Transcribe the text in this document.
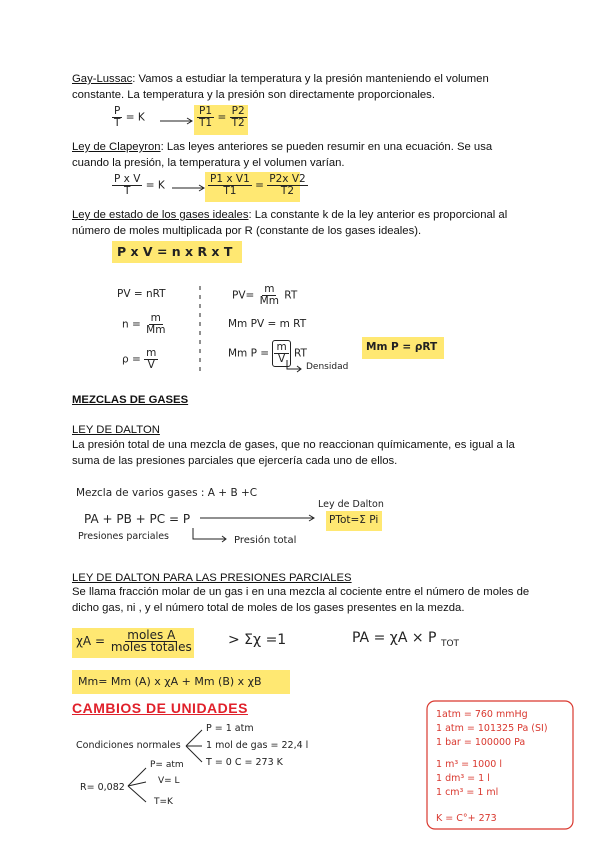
Gay-Lussac: Vamos a estudiar la temperatura y la presión manteniendo el volumen constante. La temperatura y la presión son directamente proporcionales.

$\frac{P}{T} = K$	$\frac{P1}{T1} = \frac{P2}{T2}$

Ley de Clapeyron: Las leyes anteriores se pueden resumir en una ecuación. Se usa cuando la presión, la temperatura y el volumen varían.

$\frac{\text{P x V}}{T} = K$	$\frac{\text{P1 x V1}}{T1} = \frac{\text{P2x V2}}{T2}$

Ley de estado de los gases ideales: La constante k de la ley anterior es proporcional al número de moles multiplicada por R (constante de los gases ideales).

P x V = n x R x T
PV = nRT
$n = \frac{m}{Mm}$
$\rho = \frac{m}{V}$
$PV= \frac{m}{Mm}$ RT
Mm PV = m RT
Mm $P = \frac{m}{V}$ RT
Densidad
Mm P = ρRT
MEZCLAS DE GASES
LEY DE DALTON

La presión total de una mezcla de gases, que no reaccionan químicamente, es igual a la suma de las presiones parciales que ejercería cada uno de ellos.

Mezcla de varios gases : A + B +C
PA + PB + PC = P
Ley de Dalton
PTot=Σ Pi
Presiones parciales	Presión total
LEY DE DALTON PARA LAS PRESIONES PARCIALES

Se llama fracción molar de un gas i en una mezcla al cociente entre el número de moles de dicho gas, ni , y el número total de moles de los gases presentes en la mezda.

$\chi A = \frac{\text{moles A}}{\text{moles totales}} > \Sigma\chi =1$	PA = χA × P $_{TOT}$
Mm= Mm (A) x χA + Mm (B) x χB
CAMBIOS DE UNIDADES
Condiciones normales
P = 1 atm
1 mol de gas = 22,4 l
T = 0 C = 273 K
R= 0,082
P= atm
V= L
T=K
1atm = 760 mmHg
1 atm = 101325 Pa (SI)
1 bar = 100000 Pa
1 m³ = 1000 l
1 dm³ = 1 l
1 cm³ = 1 ml
K = C°+ 273
